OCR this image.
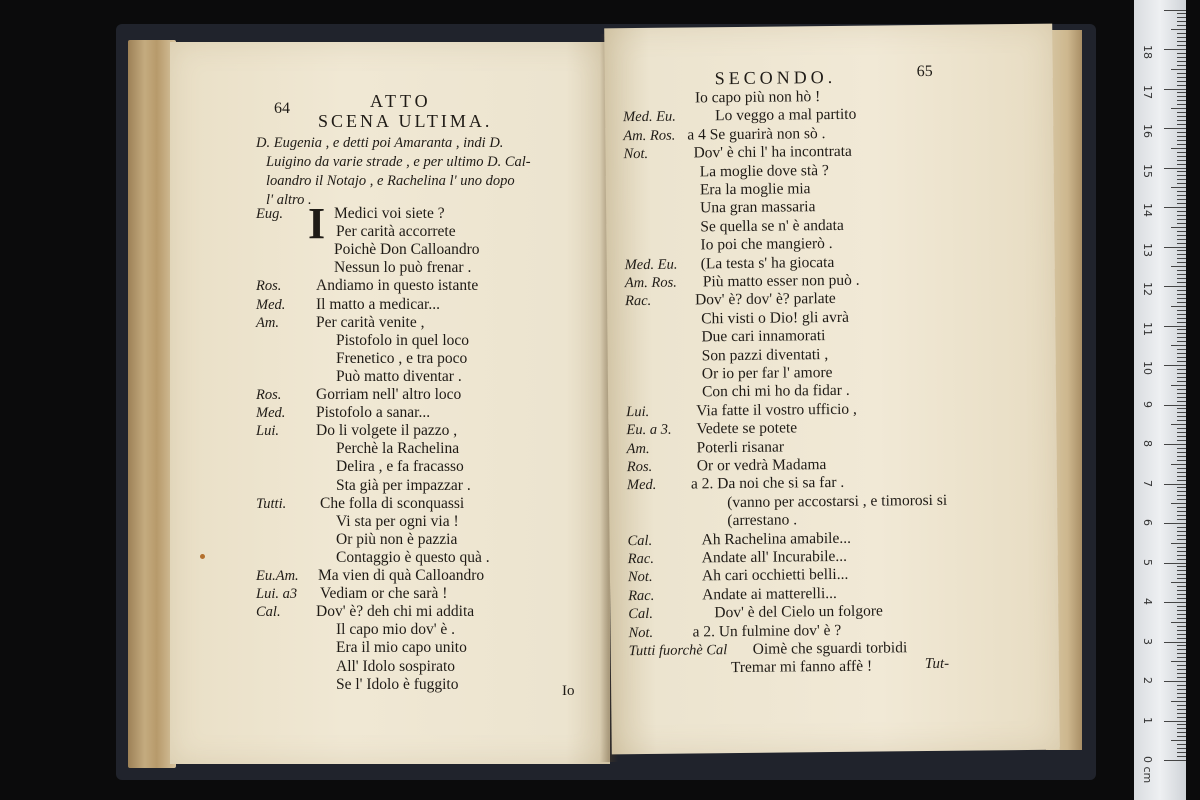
64	ATTO
SCENA ULTIMA.
D. Eugenia , e detti poi Amaranta , indi D.
Luigino da varie strade , e per ultimo D. Cal-
loandro il Notajo , e Rachelina l' uno dopo
l' altro .
I
Eug.	Medici voi siete ?
Per carità accorrete
Poichè Don Calloandro
Nessun lo può frenar .
Ros. Andiamo in questo istante
Med. Il matto a medicar...
Am. Per carità venite ,
Pistofolo in quel loco
Frenetico , e tra poco
Può matto diventar .
Ros. Gorriam nell' altro loco
Med. Pistofolo a sanar...
Lui. Do li volgete il pazzo ,
Perchè la Rachelina
Delira , e fa fracasso
Sta già per impazzar .
Tutti. Che folla di sconquassi
Vi sta per ogni via !
Or più non è pazzia
Contaggio è questo quà .
Eu.Am. Ma vien di quà Calloandro
Lui. a3 Vediam or che sarà !
Cal. Dov' è? deh chi mi addita
Il capo mio dov' è .
Era il mio capo unito
All' Idolo sospirato
Se l' Idolo è fuggito	Io
SECONDO.	65
Io capo più non hò !
Med. Eu.	Lo veggo a mal partito
Am. Ros. a 4 Se guarirà non sò .
Not.	Dov' è chi l' ha incontrata
La moglie dove stà ?
Era la moglie mia
Una gran massaria
Se quella se n' è andata
Io poi che mangierò .
Med. Eu. (La testa s' ha giocata
Am. Ros. Più matto esser non può .
Rac.	Dov' è? dov' è? parlate
Chi visti o Dio! gli avrà
Due cari innamorati
Son pazzi diventati ,
Or io per far l' amore
Con chi mi ho da fidar .
Lui.	Via fatte il vostro ufficio ,
Eu. a 3. Vedete se potete
Am.	Poterli risanar
Ros.	Or or vedrà Madama
Med. a 2. Da noi che si sa far .
(vanno per accostarsi , e timorosi si
(arrestano .
Cal.	Ah Rachelina amabile...
Rac.	Andate all' Incurabile...
Not.	Ah cari occhietti belli...
Rac.	Andate ai matterelli...
Cal.	Dov' è del Cielo un folgore
Not.	a 2. Un fulmine dov' è ?
Tutti fuorchè Cal Oimè che sguardi torbidi
Tremar mi fanno affè !	Tut-
18
17
16
15
14
13
12
11
10
9
8
7
6
5
4
3
2
1
0 cm
